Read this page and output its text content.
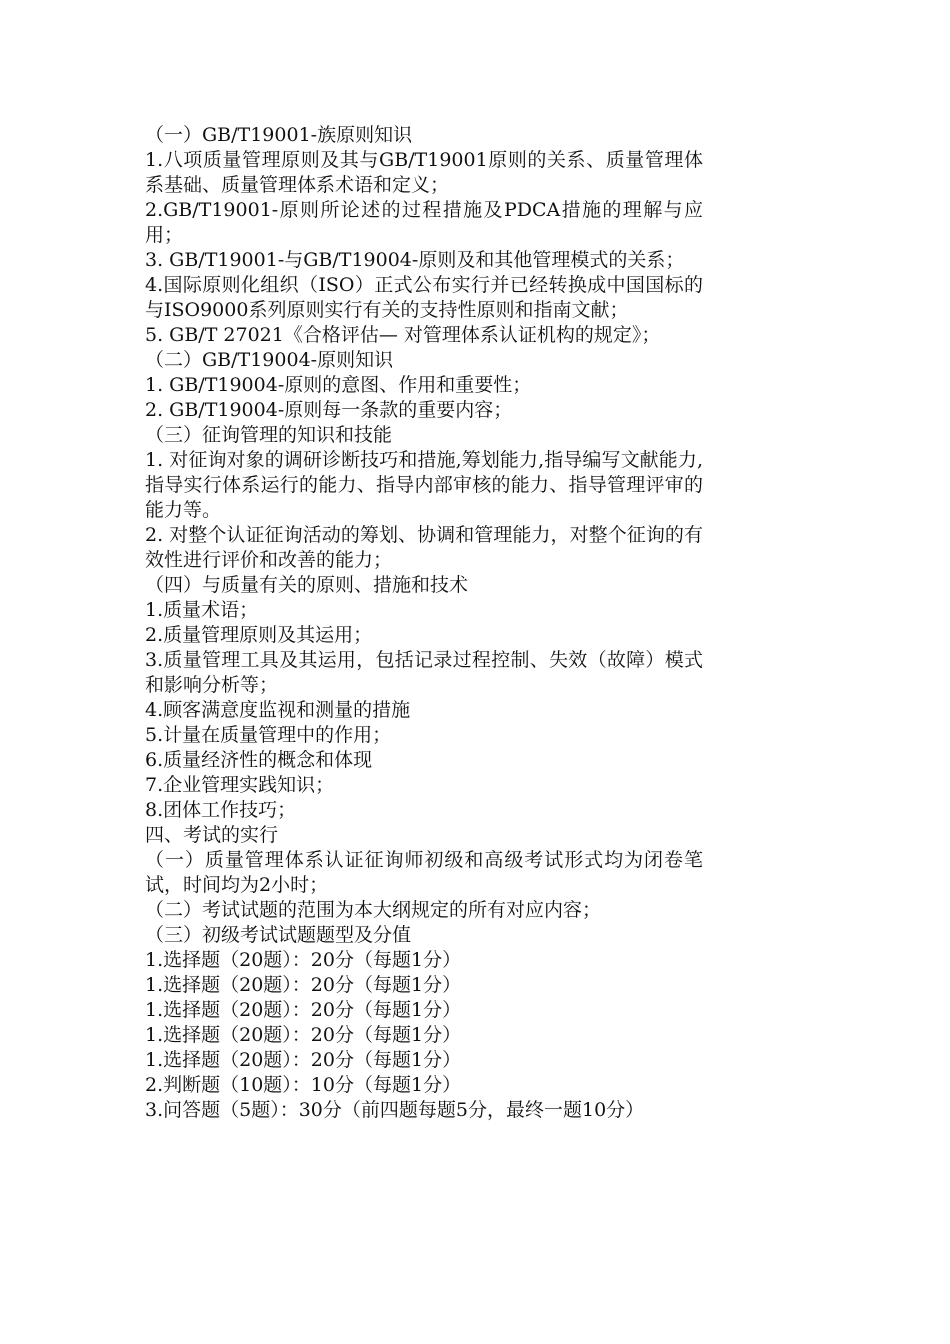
（一）GB/T19001-族原则知识

1.八项质量管理原则及其与GB/T19001原则的关系、质量管理体系基础、质量管理体系术语和定义；

2.GB/T19001-原则所论述的过程措施及PDCA措施的理解与应用；

3. GB/T19001-与GB/T19004-原则及和其他管理模式的关系；

4.国际原则化组织（ISO）正式公布实行并已经转换成中国国标的与ISO9000系列原则实行有关的支持性原则和指南文献；

5. GB/T 27021《合格评估— 对管理体系认证机构的规定》；

（二）GB/T19004-原则知识

1. GB/T19004-原则的意图、作用和重要性；

2. GB/T19004-原则每一条款的重要内容；

（三）征询管理的知识和技能

1. 对征询对象的调研诊断技巧和措施,筹划能力,指导编写文献能力,指导实行体系运行的能力、指导内部审核的能力、指导管理评审的能力等。

2. 对整个认证征询活动的筹划、协调和管理能力，对整个征询的有效性进行评价和改善的能力；

（四）与质量有关的原则、措施和技术

1.质量术语；

2.质量管理原则及其运用；

3.质量管理工具及其运用，包括记录过程控制、失效（故障）模式和影响分析等；

4.顾客满意度监视和测量的措施

5.计量在质量管理中的作用；

6.质量经济性的概念和体现

7.企业管理实践知识；

8.团体工作技巧；

四、考试的实行

（一）质量管理体系认证征询师初级和高级考试形式均为闭卷笔试，时间均为2小时；

（二）考试试题的范围为本大纲规定的所有对应内容；

（三）初级考试试题题型及分值

1.选择题（20题）：20分（每题1分）

1.选择题（20题）：20分（每题1分）

1.选择题（20题）：20分（每题1分）

1.选择题（20题）：20分（每题1分）

1.选择题（20题）：20分（每题1分）

2.判断题（10题）：10分（每题1分）

3.问答题（5题）：30分（前四题每题5分，最终一题10分）
